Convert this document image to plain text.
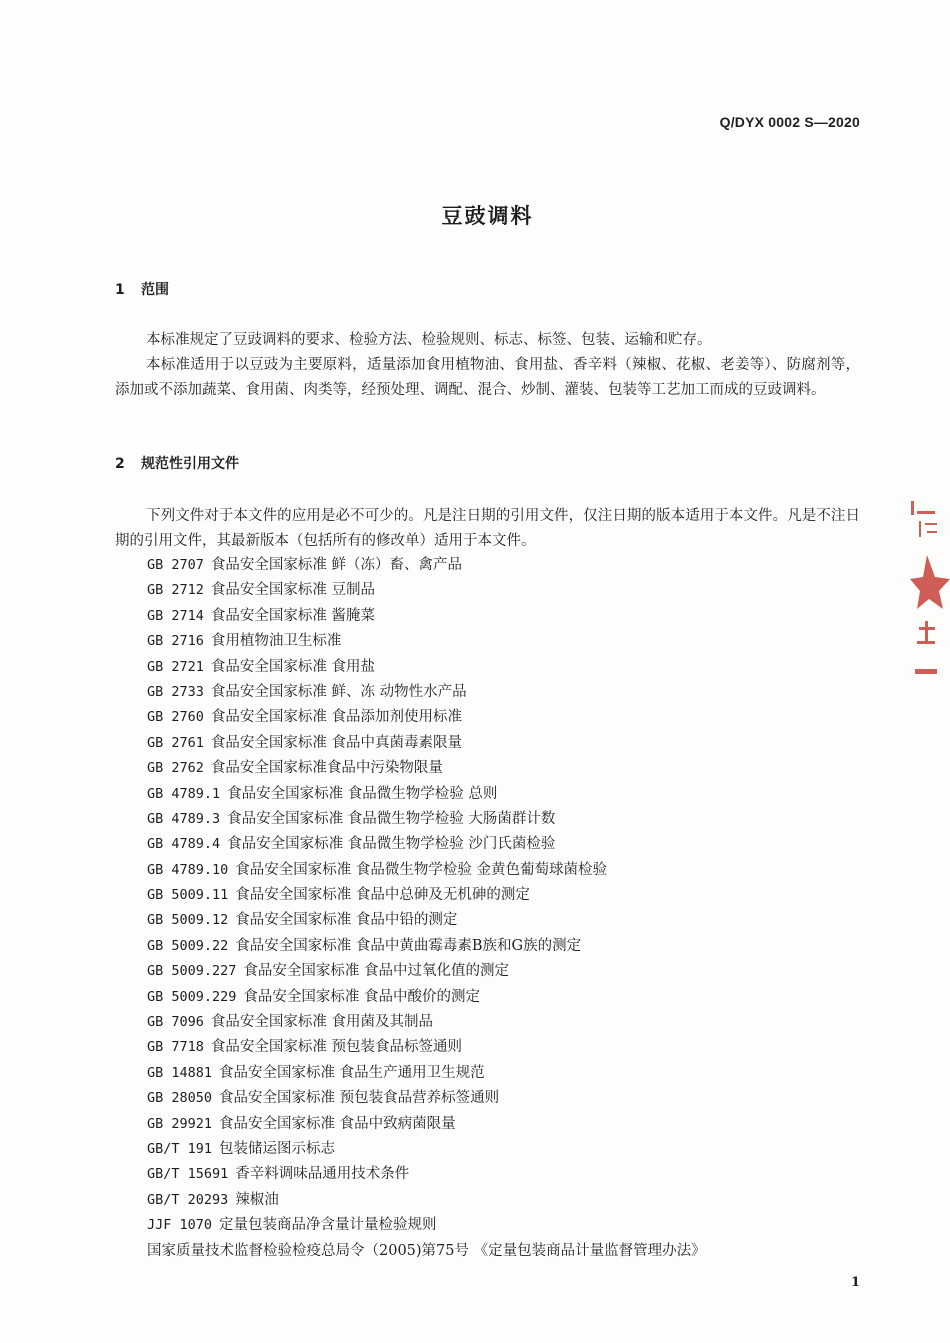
Q/DYX 0002 S—2020
豆豉调料
1 范围

本标准规定了豆豉调料的要求、检验方法、检验规则、标志、标签、包装、运输和贮存。

本标准适用于以豆豉为主要原料，适量添加食用植物油、食用盐、香辛料（辣椒、花椒、老姜等）、防腐剂等，添加或不添加蔬菜、食用菌、肉类等，经预处理、调配、混合、炒制、灌装、包装等工艺加工而成的豆豉调料。

2 规范性引用文件

下列文件对于本文件的应用是必不可少的。凡是注日期的引用文件，仅注日期的版本适用于本文件。凡是不注日期的引用文件，其最新版本（包括所有的修改单）适用于本文件。

GB 2707 食品安全国家标准 鲜（冻）畜、禽产品
GB 2712 食品安全国家标准 豆制品
GB 2714 食品安全国家标准 酱腌菜
GB 2716 食用植物油卫生标准
GB 2721 食品安全国家标准 食用盐
GB 2733 食品安全国家标准 鲜、冻 动物性水产品
GB 2760 食品安全国家标准 食品添加剂使用标准
GB 2761 食品安全国家标准 食品中真菌毒素限量
GB 2762 食品安全国家标准食品中污染物限量
GB 4789.1 食品安全国家标准 食品微生物学检验 总则
GB 4789.3 食品安全国家标准 食品微生物学检验 大肠菌群计数
GB 4789.4 食品安全国家标准 食品微生物学检验 沙门氏菌检验
GB 4789.10 食品安全国家标准 食品微生物学检验 金黄色葡萄球菌检验
GB 5009.11 食品安全国家标准 食品中总砷及无机砷的测定
GB 5009.12 食品安全国家标准 食品中铅的测定
GB 5009.22 食品安全国家标准 食品中黄曲霉毒素B族和G族的测定
GB 5009.227 食品安全国家标准 食品中过氧化值的测定
GB 5009.229 食品安全国家标准 食品中酸价的测定
GB 7096 食品安全国家标准 食用菌及其制品
GB 7718 食品安全国家标准 预包装食品标签通则
GB 14881 食品安全国家标准 食品生产通用卫生规范
GB 28050 食品安全国家标准 预包装食品营养标签通则
GB 29921 食品安全国家标准 食品中致病菌限量
GB/T 191 包装储运图示标志
GB/T 15691 香辛料调味品通用技术条件
GB/T 20293 辣椒油
JJF 1070 定量包装商品净含量计量检验规则
国家质量技术监督检验检疫总局令（2005)第75号 《定量包装商品计量监督管理办法》
1
